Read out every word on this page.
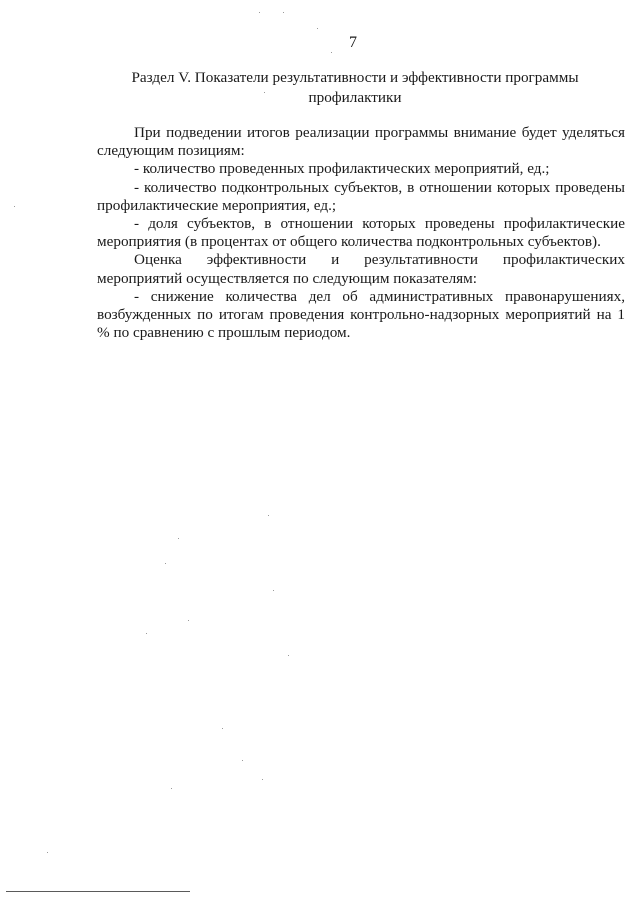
7
Раздел V. Показатели результативности и эффективности программы профилактики

При подведении итогов реализации программы внимание будет уделяться следующим позициям:

- количество проведенных профилактических мероприятий, ед.;

- количество подконтрольных субъектов, в отношении которых проведены профилактические мероприятия, ед.;

- доля субъектов, в отношении которых проведены профилактические мероприятия (в процентах от общего количества подконтрольных субъектов).

Оценка эффективности и результативности профилактических мероприятий осуществляется по следующим показателям:

- снижение количества дел об административных правонарушениях, возбужденных по итогам проведения контрольно-надзорных мероприятий на 1 % по сравнению с прошлым периодом.
